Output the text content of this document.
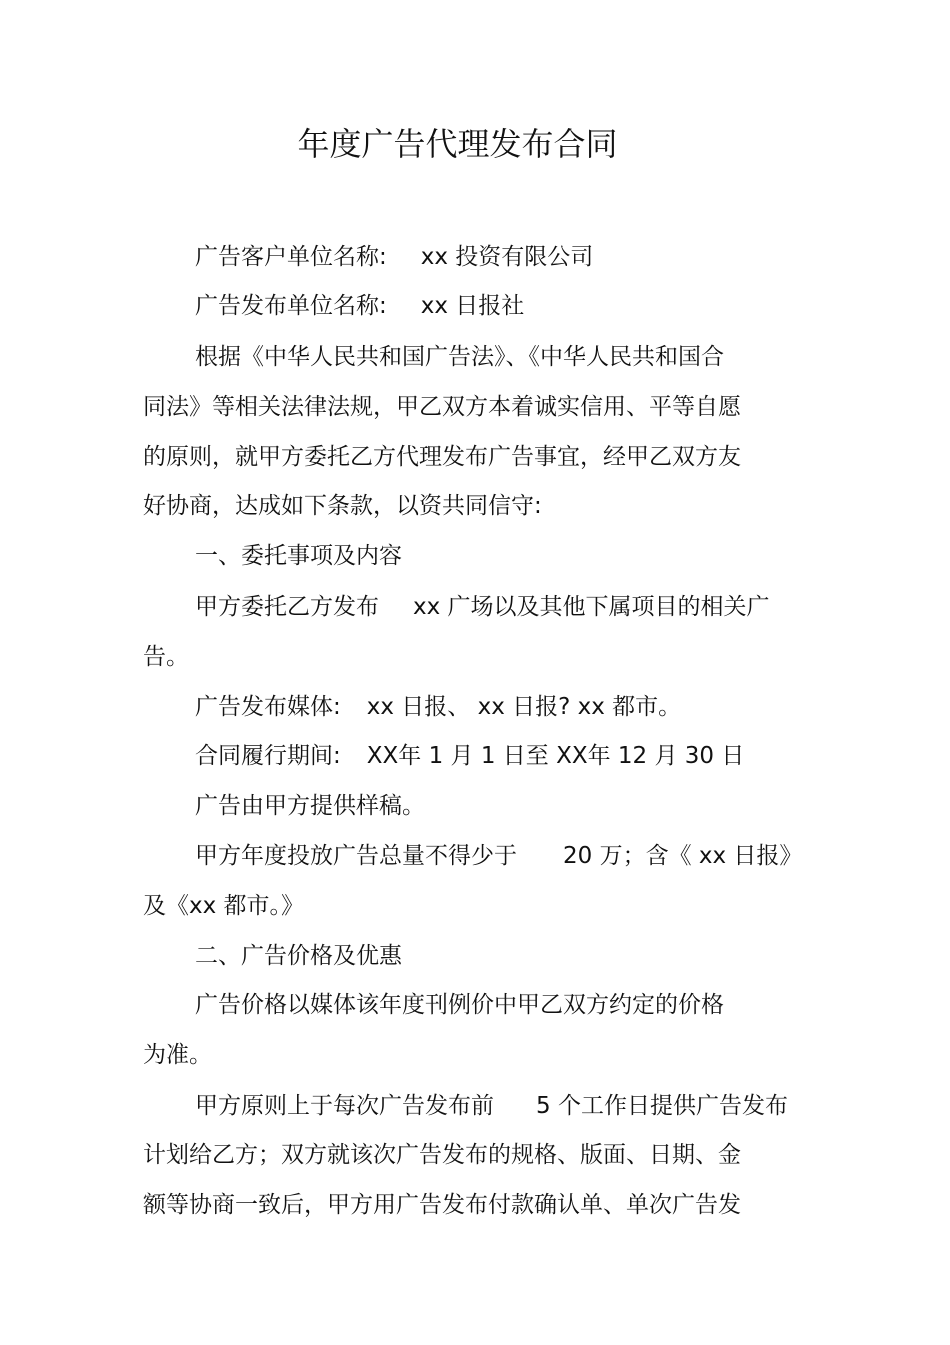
年度广告代理发布合同
广告客户单位名称: xx 投资有限公司
广告发布单位名称: xx 日报社
根据《中华人民共和国广告法》、《中华人民共和国合
同法》等相关法律法规，甲乙双方本着诚实信用、平等自愿
的原则，就甲方委托乙方代理发布广告事宜，经甲乙双方友
好协商，达成如下条款，以资共同信守:
一、委托事项及内容
甲方委托乙方发布 xx 广场以及其他下属项目的相关广
告。
广告发布媒体: xx 日报、 xx 日报? xx 都市。
合同履行期间: XX年 1 月 1 日至 XX年 12 月 30 日
广告由甲方提供样稿。
甲方年度投放广告总量不得少于 20 万；含《 xx 日报》
及《xx 都市。》
二、广告价格及优惠
广告价格以媒体该年度刊例价中甲乙双方约定的价格
为准。
甲方原则上于每次广告发布前 5 个工作日提供广告发布
计划给乙方；双方就该次广告发布的规格、版面、日期、金
额等协商一致后，甲方用广告发布付款确认单、单次广告发
